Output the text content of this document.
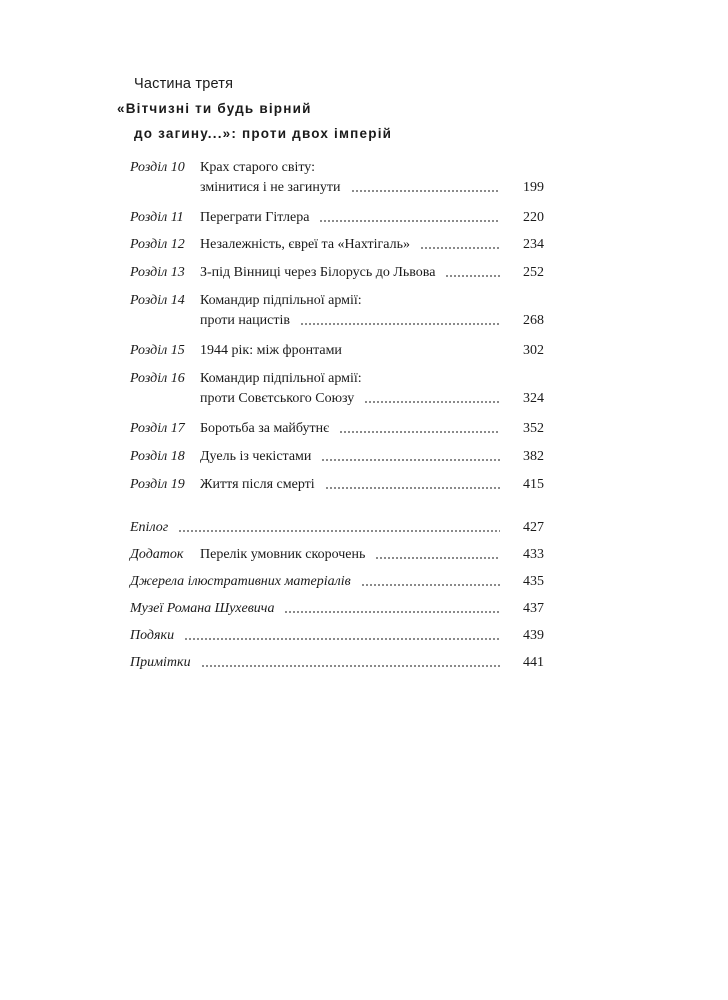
Частина третя
«Вітчизні ти будь вірний
до загину...»: проти двох імперій
Розділ 10	Крах старого світу:
змінитися і не загинути	199
Розділ 11	Переграти Гітлера	220
Розділ 12	Незалежність, євреї та «Нахтігаль»	234
Розділ 13	З-під Вінниці через Білорусь до Львова	252
Розділ 14	Командир підпільної армії:
проти нацистів	268
Розділ 15	1944 рік: між фронтами	302
Розділ 16	Командир підпільної армії:
проти Совєтського Союзу	324
Розділ 17	Боротьба за майбутнє	352
Розділ 18	Дуель із чекістами	382
Розділ 19	Життя після смерті	415
Епілог	427
Додаток	Перелік умовник скорочень	433
Джерела ілюстративних матеріалів	435
Музеї Романа Шухевича	437
Подяки	439
Примітки	441
